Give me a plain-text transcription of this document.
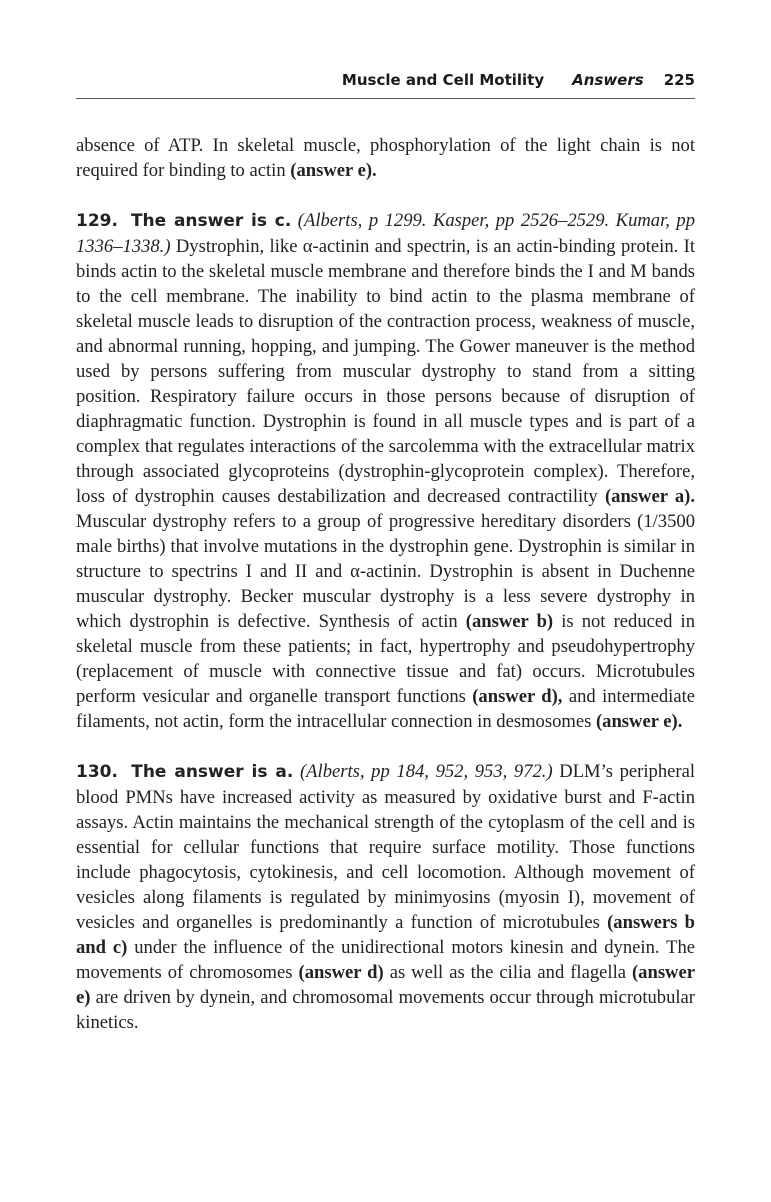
Muscle and Cell Motility Answers 225

absence of ATP. In skeletal muscle, phosphorylation of the light chain is not required for binding to actin (answer e).

129. The answer is c. (Alberts, p 1299. Kasper, pp 2526–2529. Kumar, pp 1336–1338.) Dystrophin, like α-actinin and spectrin, is an actin-binding protein. It binds actin to the skeletal muscle membrane and therefore binds the I and M bands to the cell membrane. The inability to bind actin to the plasma membrane of skeletal muscle leads to disruption of the contraction process, weakness of muscle, and abnormal running, hopping, and jumping. The Gower maneuver is the method used by persons suffering from muscular dystrophy to stand from a sitting position. Respiratory failure occurs in those persons because of disruption of diaphragmatic function. Dystrophin is found in all muscle types and is part of a complex that regulates interactions of the sarcolemma with the extracellular matrix through associated glycoproteins (dystrophin-glycoprotein complex). Therefore, loss of dystrophin causes destabilization and decreased contractility (answer a). Muscular dystrophy refers to a group of progressive hereditary disorders (1/3500 male births) that involve mutations in the dystrophin gene. Dystrophin is similar in structure to spectrins I and II and α-actinin. Dystrophin is absent in Duchenne muscular dystrophy. Becker muscular dystrophy is a less severe dystrophy in which dystrophin is defective. Synthesis of actin (answer b) is not reduced in skeletal muscle from these patients; in fact, hypertrophy and pseudohypertrophy (replacement of muscle with connective tissue and fat) occurs. Microtubules perform vesicular and organelle transport functions (answer d), and intermediate filaments, not actin, form the intracellular connection in desmosomes (answer e).

130. The answer is a. (Alberts, pp 184, 952, 953, 972.) DLM’s peripheral blood PMNs have increased activity as measured by oxidative burst and F-actin assays. Actin maintains the mechanical strength of the cytoplasm of the cell and is essential for cellular functions that require surface motility. Those functions include phagocytosis, cytokinesis, and cell locomotion. Although movement of vesicles along filaments is regulated by minimyosins (myosin I), movement of vesicles and organelles is predominantly a function of microtubules (answers b and c) under the influence of the unidirectional motors kinesin and dynein. The movements of chromosomes (answer d) as well as the cilia and flagella (answer e) are driven by dynein, and chromosomal movements occur through microtubular kinetics.
